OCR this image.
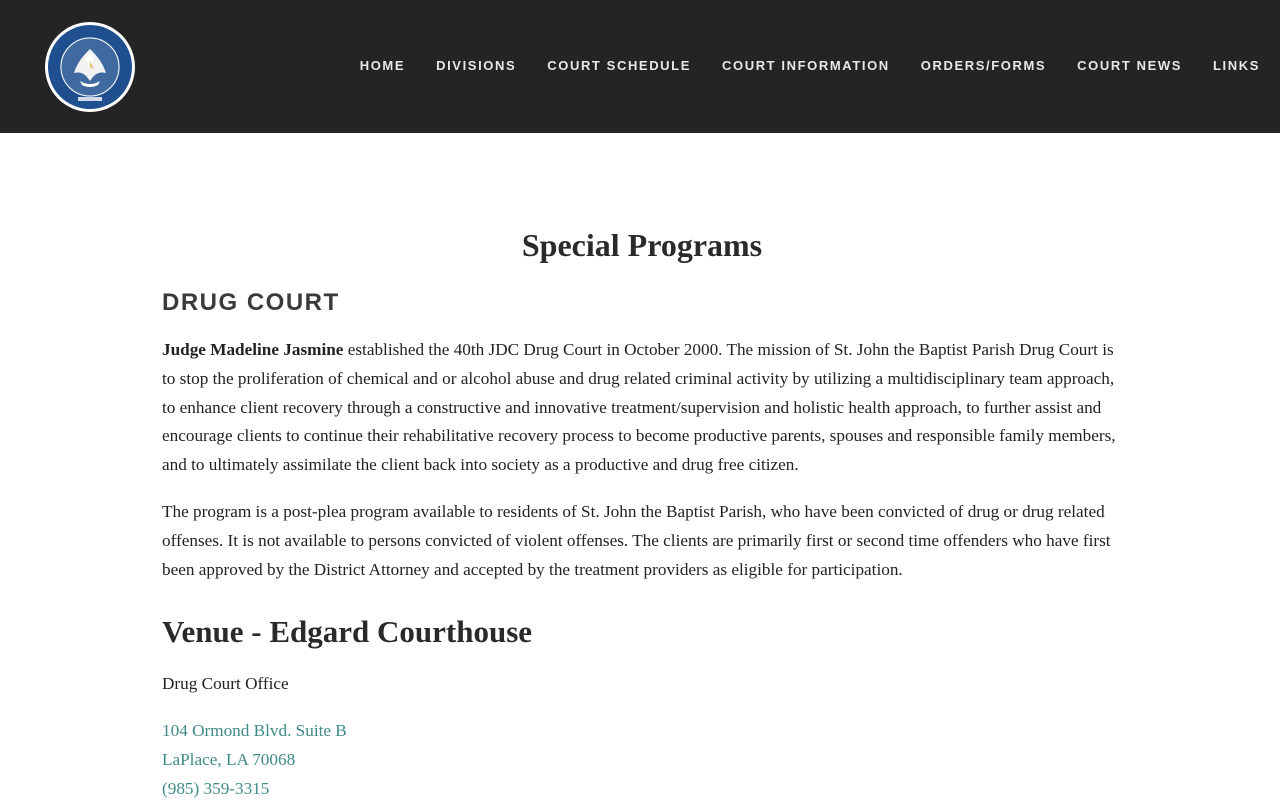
HOME DIVISIONS COURT SCHEDULE COURT INFORMATION ORDERS/FORMS COURT NEWS LINKS
Special Programs
DRUG COURT

Judge Madeline Jasmine established the 40th JDC Drug Court in October 2000. The mission of St. John the Baptist Parish Drug Court is to stop the proliferation of chemical and or alcohol abuse and drug related criminal activity by utilizing a multidisciplinary team approach, to enhance client recovery through a constructive and innovative treatment/supervision and holistic health approach, to further assist and encourage clients to continue their rehabilitative recovery process to become productive parents, spouses and responsible family members, and to ultimately assimilate the client back into society as a productive and drug free citizen.

The program is a post-plea program available to residents of St. John the Baptist Parish, who have been convicted of drug or drug related offenses. It is not available to persons convicted of violent offenses. The clients are primarily first or second time offenders who have first been approved by the District Attorney and accepted by the treatment providers as eligible for participation.

Venue - Edgard Courthouse

Drug Court Office

104 Ormond Blvd. Suite B
LaPlace, LA 70068
(985) 359-3315
